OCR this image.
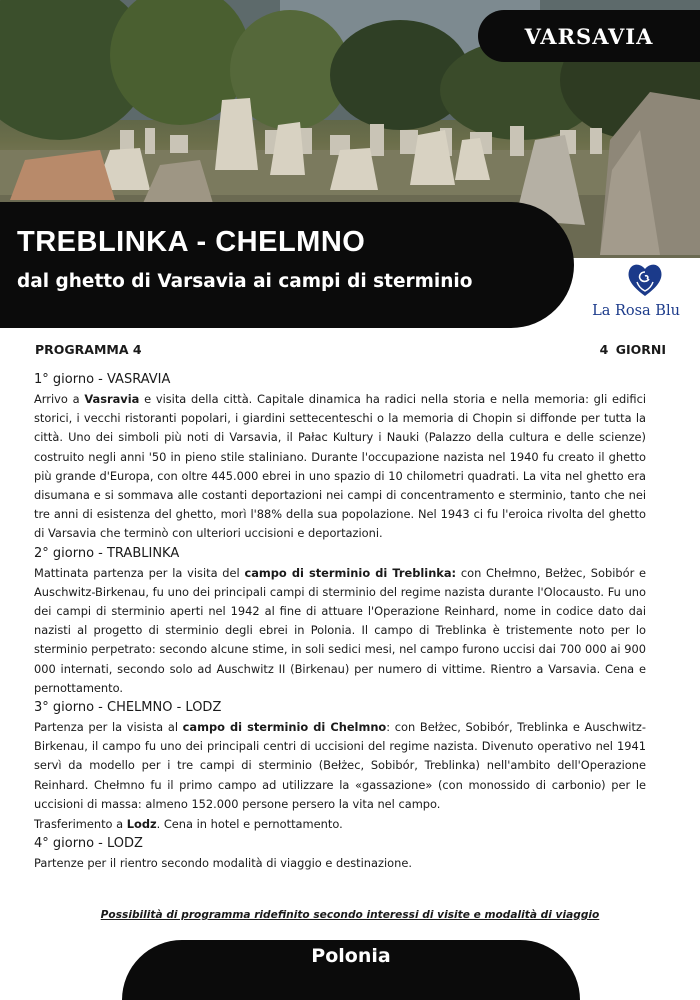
VARSAVIA
TREBLINKA - CHELMNO
dal ghetto di Varsavia ai campi di sterminio
La Rosa Blu
PROGRAMMA 4	4 GIORNI
1° giorno - VASRAVIA

Arrivo a Vasravia e visita della città. Capitale dinamica ha radici nella storia e nella memoria: gli edifici storici, i vecchi ristoranti popolari, i giardini settecenteschi o la memoria di Chopin si diffonde per tutta la città. Uno dei simboli più noti di Varsavia, il Pałac Kultury i Nauki (Palazzo della cultura e delle scienze) costruito negli anni '50 in pieno stile staliniano. Durante l'occupazione nazista nel 1940 fu creato il ghetto più grande d'Europa, con oltre 445.000 ebrei in uno spazio di 10 chilometri quadrati. La vita nel ghetto era disumana e si sommava alle costanti deportazioni nei campi di concentramento e sterminio, tanto che nei tre anni di esistenza del ghetto, morì l'88% della sua popolazione. Nel 1943 ci fu l'eroica rivolta del ghetto di Varsavia che terminò con ulteriori uccisioni e deportazioni.

2° giorno - TRABLINKA

Mattinata partenza per la visita del campo di sterminio di Treblinka: con Chełmno, Bełżec, Sobibór e Auschwitz-Birkenau, fu uno dei principali campi di sterminio del regime nazista durante l'Olocausto. Fu uno dei campi di sterminio aperti nel 1942 al fine di attuare l'Operazione Reinhard, nome in codice dato dai nazisti al progetto di sterminio degli ebrei in Polonia. Il campo di Treblinka è tristemente noto per lo sterminio perpetrato: secondo alcune stime, in soli sedici mesi, nel campo furono uccisi dai 700 000 ai 900 000 internati, secondo solo ad Auschwitz II (Birkenau) per numero di vittime. Rientro a Varsavia. Cena e pernottamento.

3° giorno - CHELMNO - LODZ

Partenza per la visista al campo di sterminio di Chelmno: con Bełżec, Sobibór, Treblinka e Auschwitz-Birkenau, il campo fu uno dei principali centri di uccisioni del regime nazista. Divenuto operativo nel 1941 servì da modello per i tre campi di sterminio (Bełżec, Sobibór, Treblinka) nell'ambito dell'Operazione Reinhard. Chełmno fu il primo campo ad utilizzare la «gassazione» (con monossido di carbonio) per le uccisioni di massa: almeno 152.000 persone persero la vita nel campo.

Trasferimento a Lodz. Cena in hotel e pernottamento.

4° giorno - LODZ

Partenze per il rientro secondo modalità di viaggio e destinazione.

Possibilità di programma ridefinito secondo interessi di visite e modalità di viaggio
Polonia
